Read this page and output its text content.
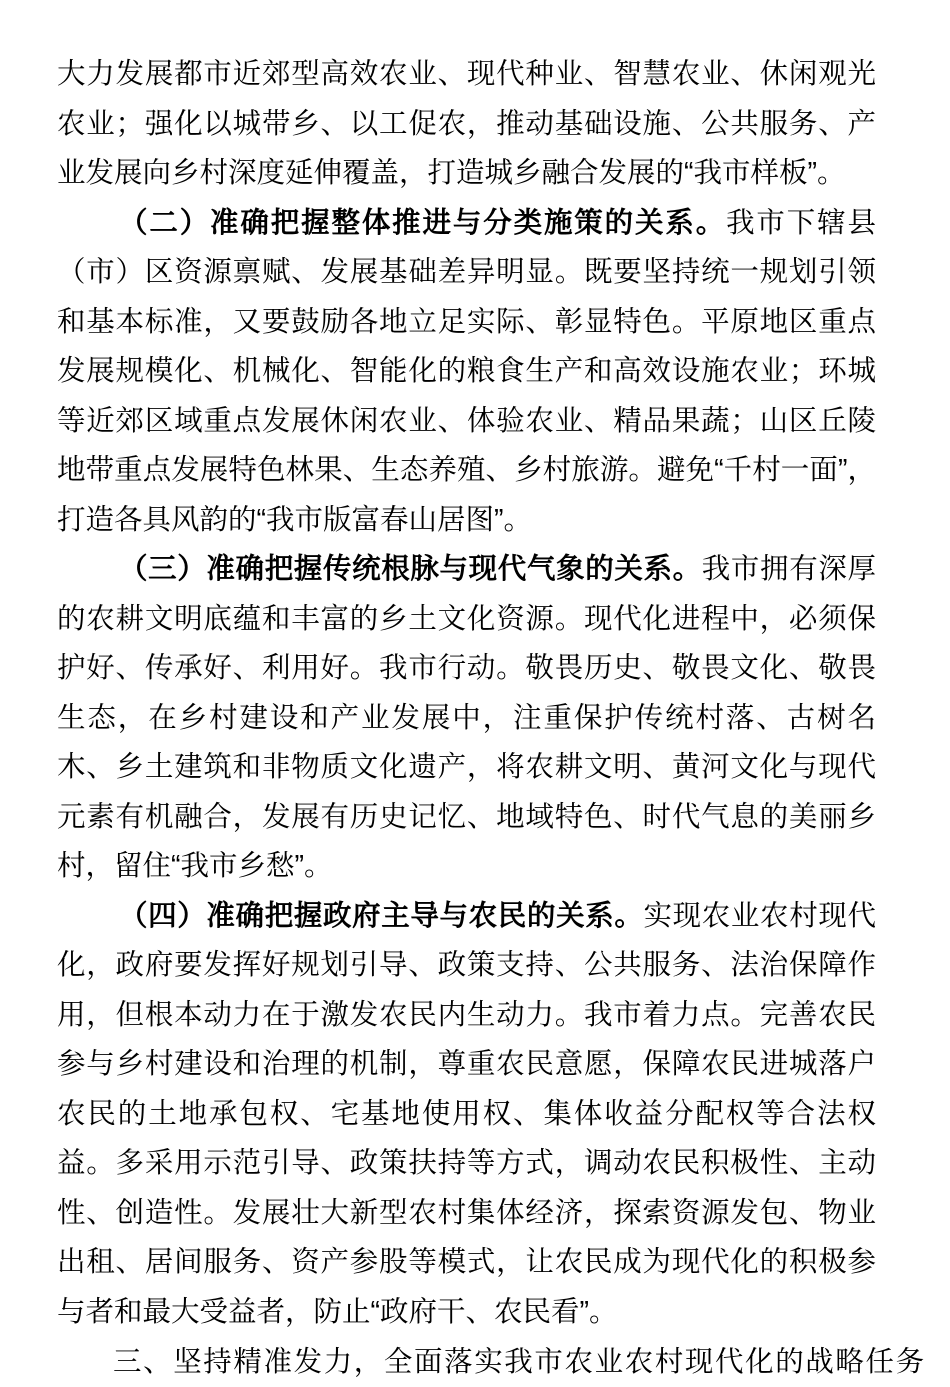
大力发展都市近郊型高效农业、现代种业、智慧农业、休闲观光农业；强化以城带乡、以工促农，推动基础设施、公共服务、产业发展向乡村深度延伸覆盖，打造城乡融合发展的“我市样板”。

（二）准确把握整体推进与分类施策的关系。我市下辖县（市）区资源禀赋、发展基础差异明显。既要坚持统一规划引领和基本标准，又要鼓励各地立足实际、彰显特色。平原地区重点发展规模化、机械化、智能化的粮食生产和高效设施农业；环城等近郊区域重点发展休闲农业、体验农业、精品果蔬；山区丘陵地带重点发展特色林果、生态养殖、乡村旅游。避免“千村一面”，打造各具风韵的“我市版富春山居图”。

（三）准确把握传统根脉与现代气象的关系。我市拥有深厚的农耕文明底蕴和丰富的乡土文化资源。现代化进程中，必须保护好、传承好、利用好。我市行动。敬畏历史、敬畏文化、敬畏生态，在乡村建设和产业发展中，注重保护传统村落、古树名木、乡土建筑和非物质文化遗产，将农耕文明、黄河文化与现代元素有机融合，发展有历史记忆、地域特色、时代气息的美丽乡村，留住“我市乡愁”。

（四）准确把握政府主导与农民的关系。实现农业农村现代化，政府要发挥好规划引导、政策支持、公共服务、法治保障作用，但根本动力在于激发农民内生动力。我市着力点。完善农民参与乡村建设和治理的机制，尊重农民意愿，保障农民进城落户农民的土地承包权、宅基地使用权、集体收益分配权等合法权益。多采用示范引导、政策扶持等方式，调动农民积极性、主动性、创造性。发展壮大新型农村集体经济，探索资源发包、物业出租、居间服务、资产参股等模式，让农民成为现代化的积极参与者和最大受益者，防止“政府干、农民看”。

三、坚持精准发力，全面落实我市农业农村现代化的战略任务
